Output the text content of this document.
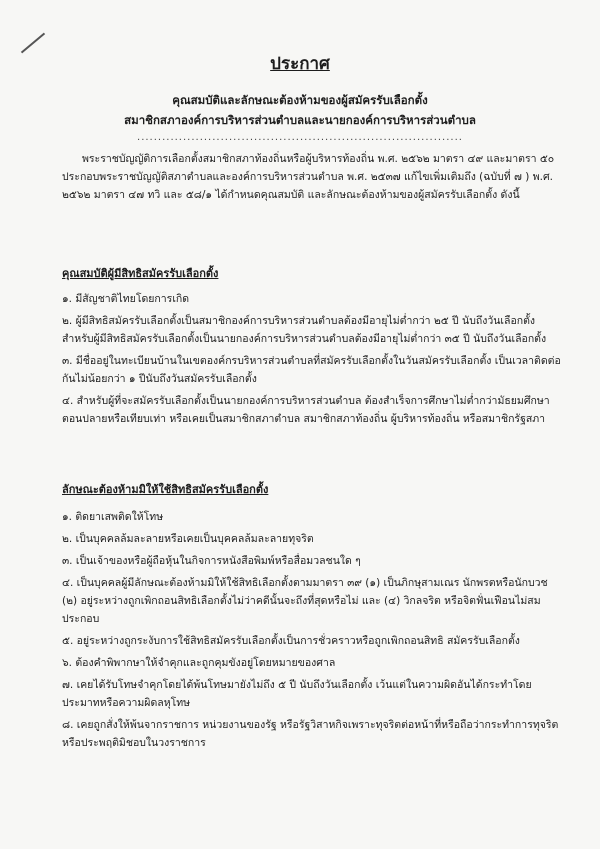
ประกาศ
คุณสมบัติและลักษณะต้องห้ามของผู้สมัครรับเลือกตั้ง
สมาชิกสภาองค์การบริหารส่วนตำบลและนายกองค์การบริหารส่วนตำบล
..............................................................................
พระราชบัญญัติการเลือกตั้งสมาชิกสภาท้องถิ่นหรือผู้บริหารท้องถิ่น พ.ศ. ๒๕๖๒ มาตรา ๔๙ และมาตรา ๕๐ ประกอบพระราชบัญญัติสภาตำบลและองค์การบริหารส่วนตำบล พ.ศ. ๒๕๓๗ แก้ไขเพิ่มเติมถึง (ฉบับที่ ๗ ) พ.ศ. ๒๕๖๒ มาตรา ๔๗ ทวิ และ ๕๘/๑ ได้กำหนดคุณสมบัติ และลักษณะต้องห้ามของผู้สมัครรับเลือกตั้ง ดังนี้
คุณสมบัติผู้มีสิทธิสมัครรับเลือกตั้ง
๑. มีสัญชาติไทยโดยการเกิด
๒. ผู้มีสิทธิสมัครรับเลือกตั้งเป็นสมาชิกองค์การบริหารส่วนตำบลต้องมีอายุไม่ต่ำกว่า ๒๕ ปี นับถึงวันเลือกตั้ง สำหรับผู้มีสิทธิสมัครรับเลือกตั้งเป็นนายกองค์การบริหารส่วนตำบลต้องมีอายุไม่ต่ำกว่า ๓๕ ปี นับถึงวันเลือกตั้ง
๓. มีชื่ออยู่ในทะเบียนบ้านในเขตองค์กรบริหารส่วนตำบลที่สมัครรับเลือกตั้งในวันสมัครรับเลือกตั้ง เป็นเวลาติดต่อกันไม่น้อยกว่า ๑ ปีนับถึงวันสมัครรับเลือกตั้ง
๔. สำหรับผู้ที่จะสมัครรับเลือกตั้งเป็นนายกองค์การบริหารส่วนตำบล ต้องสำเร็จการศึกษาไม่ต่ำกว่ามัธยมศึกษาตอนปลายหรือเทียบเท่า หรือเคยเป็นสมาชิกสภาตำบล สมาชิกสภาท้องถิ่น ผู้บริหารท้องถิ่น หรือสมาชิกรัฐสภา
ลักษณะต้องห้ามมิให้ใช้สิทธิสมัครรับเลือกตั้ง
๑. ติดยาเสพติดให้โทษ
๒. เป็นบุคคลล้มละลายหรือเคยเป็นบุคคลล้มละลายทุจริต
๓. เป็นเจ้าของหรือผู้ถือหุ้นในกิจการหนังสือพิมพ์หรือสื่อมวลชนใด ๆ
๔. เป็นบุคคลผู้มีลักษณะต้องห้ามมิให้ใช้สิทธิเลือกตั้งตามมาตรา ๓๙ (๑) เป็นภิกษุสามเณร นักพรตหรือนักบวช (๒) อยู่ระหว่างถูกเพิกถอนสิทธิเลือกตั้งไม่ว่าคดีนั้นจะถึงที่สุดหรือไม่ และ (๔) วิกลจริต หรือจิตฟั่นเฟือนไม่สมประกอบ
๕. อยู่ระหว่างถูกระงับการใช้สิทธิสมัครรับเลือกตั้งเป็นการชั่วคราวหรือถูกเพิกถอนสิทธิ สมัครรับเลือกตั้ง
๖. ต้องคำพิพากษาให้จำคุกและถูกคุมขังอยู่โดยหมายของศาล
๗. เคยได้รับโทษจำคุกโดยได้พ้นโทษมายังไม่ถึง ๕ ปี นับถึงวันเลือกตั้ง เว้นแต่ในความผิดอันได้กระทำโดยประมาทหรือความผิดลหุโทษ
๘. เคยถูกสั่งให้พ้นจากราชการ หน่วยงานของรัฐ หรือรัฐวิสาหกิจเพราะทุจริตต่อหน้าที่หรือถือว่ากระทำการทุจริตหรือประพฤติมิชอบในวงราชการ
